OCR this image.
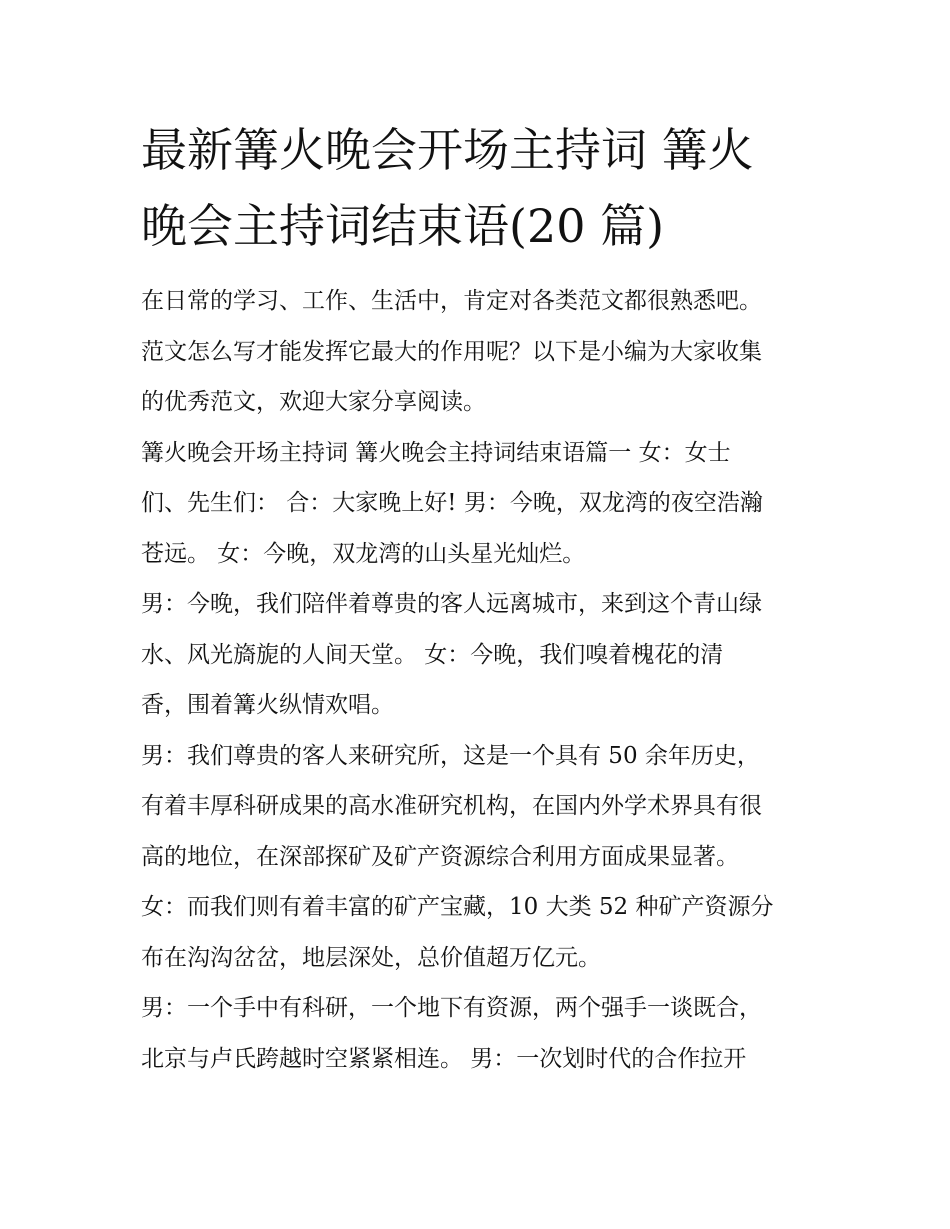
最新篝火晚会开场主持词 篝火
晚会主持词结束语(20 篇)
在日常的学习、工作、生活中，肯定对各类范文都很熟悉吧。
范文怎么写才能发挥它最大的作用呢？以下是小编为大家收集
的优秀范文，欢迎大家分享阅读。
篝火晚会开场主持词 篝火晚会主持词结束语篇一 女：女士
们、先生们： 合：大家晚上好! 男：今晚，双龙湾的夜空浩瀚
苍远。 女：今晚，双龙湾的山头星光灿烂。
男：今晚，我们陪伴着尊贵的客人远离城市，来到这个青山绿
水、风光旖旎的人间天堂。 女：今晚，我们嗅着槐花的清
香，围着篝火纵情欢唱。
男：我们尊贵的客人来研究所，这是一个具有 50 余年历史，
有着丰厚科研成果的高水准研究机构，在国内外学术界具有很
高的地位，在深部探矿及矿产资源综合利用方面成果显著。
女：而我们则有着丰富的矿产宝藏，10 大类 52 种矿产资源分
布在沟沟岔岔，地层深处，总价值超万亿元。
男：一个手中有科研，一个地下有资源，两个强手一谈既合，
北京与卢氏跨越时空紧紧相连。 男：一次划时代的合作拉开
